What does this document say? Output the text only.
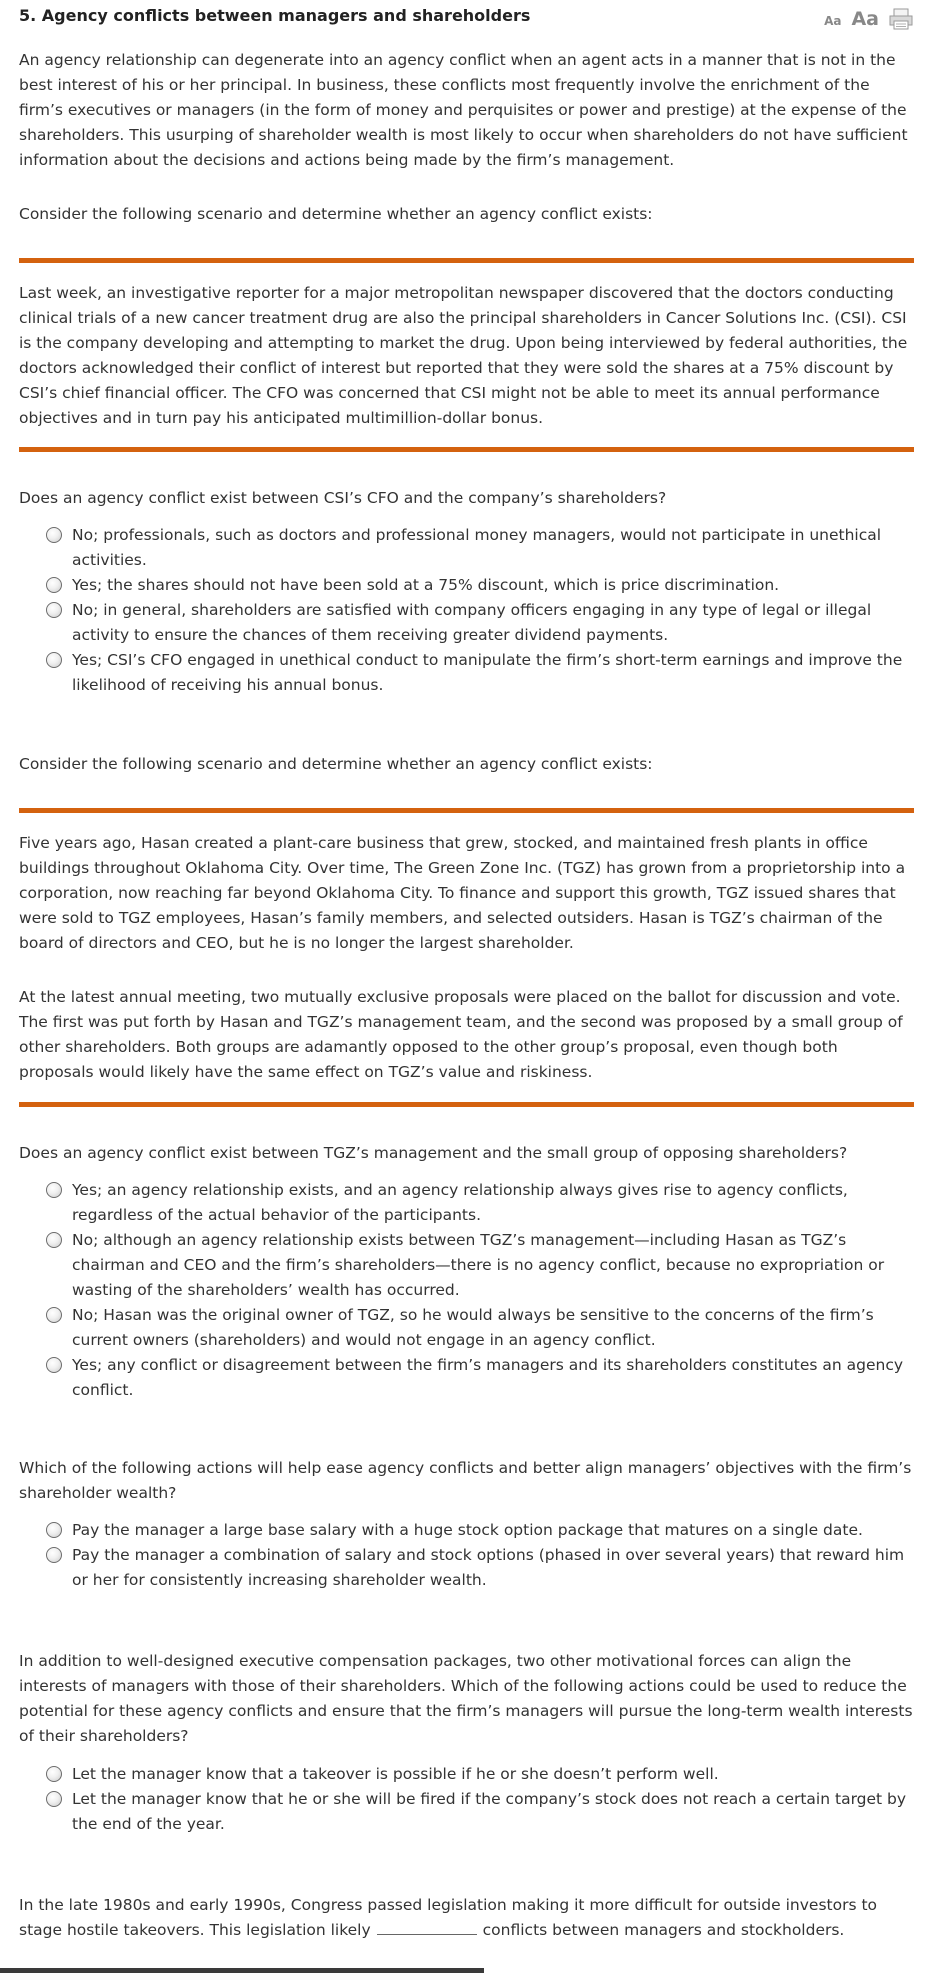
5. Agency conflicts between managers and shareholders	Aa Aa

An agency relationship can degenerate into an agency conflict when an agent acts in a manner that is not in the best interest of his or her principal. In business, these conflicts most frequently involve the enrichment of the firm’s executives or managers (in the form of money and perquisites or power and prestige) at the expense of the shareholders. This usurping of shareholder wealth is most likely to occur when shareholders do not have sufficient information about the decisions and actions being made by the firm’s management.

Consider the following scenario and determine whether an agency conflict exists:

Last week, an investigative reporter for a major metropolitan newspaper discovered that the doctors conducting clinical trials of a new cancer treatment drug are also the principal shareholders in Cancer Solutions Inc. (CSI). CSI is the company developing and attempting to market the drug. Upon being interviewed by federal authorities, the doctors acknowledged their conflict of interest but reported that they were sold the shares at a 75% discount by CSI’s chief financial officer. The CFO was concerned that CSI might not be able to meet its annual performance objectives and in turn pay his anticipated multimillion-dollar bonus.

Does an agency conflict exist between CSI’s CFO and the company’s shareholders?

No; professionals, such as doctors and professional money managers, would not participate in unethical activities.
Yes; the shares should not have been sold at a 75% discount, which is price discrimination.
No; in general, shareholders are satisfied with company officers engaging in any type of legal or illegal activity to ensure the chances of them receiving greater dividend payments.
Yes; CSI’s CFO engaged in unethical conduct to manipulate the firm’s short-term earnings and improve the likelihood of receiving his annual bonus.

Consider the following scenario and determine whether an agency conflict exists:

Five years ago, Hasan created a plant-care business that grew, stocked, and maintained fresh plants in office buildings throughout Oklahoma City. Over time, The Green Zone Inc. (TGZ) has grown from a proprietorship into a corporation, now reaching far beyond Oklahoma City. To finance and support this growth, TGZ issued shares that were sold to TGZ employees, Hasan’s family members, and selected outsiders. Hasan is TGZ’s chairman of the board of directors and CEO, but he is no longer the largest shareholder.

At the latest annual meeting, two mutually exclusive proposals were placed on the ballot for discussion and vote. The first was put forth by Hasan and TGZ’s management team, and the second was proposed by a small group of other shareholders. Both groups are adamantly opposed to the other group’s proposal, even though both proposals would likely have the same effect on TGZ’s value and riskiness.

Does an agency conflict exist between TGZ’s management and the small group of opposing shareholders?

Yes; an agency relationship exists, and an agency relationship always gives rise to agency conflicts, regardless of the actual behavior of the participants.
No; although an agency relationship exists between TGZ’s management—including Hasan as TGZ’s chairman and CEO and the firm’s shareholders—there is no agency conflict, because no expropriation or wasting of the shareholders’ wealth has occurred.
No; Hasan was the original owner of TGZ, so he would always be sensitive to the concerns of the firm’s current owners (shareholders) and would not engage in an agency conflict.
Yes; any conflict or disagreement between the firm’s managers and its shareholders constitutes an agency conflict.

Which of the following actions will help ease agency conflicts and better align managers’ objectives with the firm’s shareholder wealth?

Pay the manager a large base salary with a huge stock option package that matures on a single date.
Pay the manager a combination of salary and stock options (phased in over several years) that reward him or her for consistently increasing shareholder wealth.

In addition to well-designed executive compensation packages, two other motivational forces can align the interests of managers with those of their shareholders. Which of the following actions could be used to reduce the potential for these agency conflicts and ensure that the firm’s managers will pursue the long-term wealth interests of their shareholders?

Let the manager know that a takeover is possible if he or she doesn’t perform well.
Let the manager know that he or she will be fired if the company’s stock does not reach a certain target by the end of the year.

In the late 1980s and early 1990s, Congress passed legislation making it more difficult for outside investors to stage hostile takeovers. This legislation likely	conflicts between managers and stockholders.
